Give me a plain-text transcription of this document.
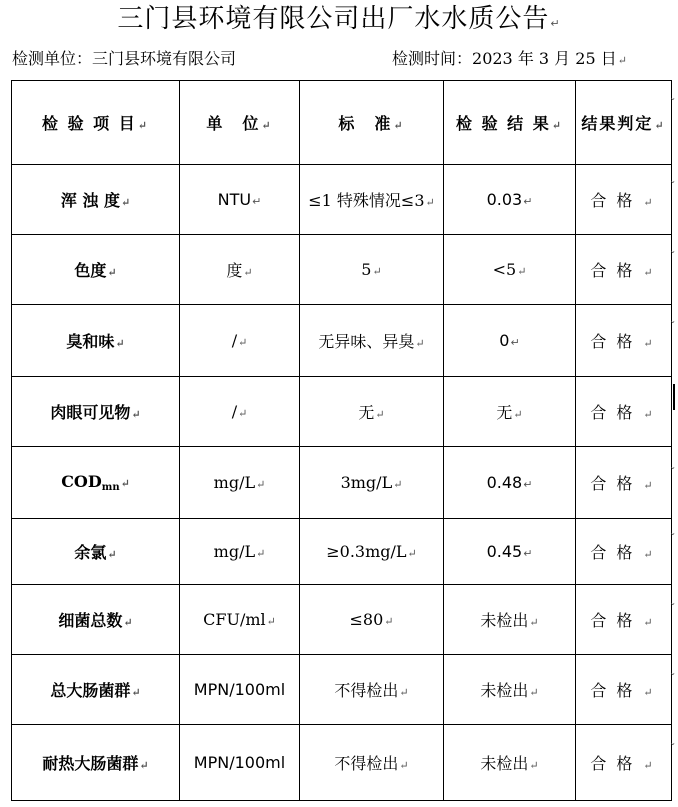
三门县环境有限公司出厂水水质公告↵
检测单位：三门县环境有限公司	检测时间：2023 年 3 月 25 日↵
检 验 项 目↵	单　位↵	标　准↵	检 验 结 果↵	结果判定↵
浑 浊 度↵	NTU↵	≤1 特殊情况≤3↵	0.03↵	合格↵
色度↵	度↵	5↵	<5↵	合格↵
臭和味↵	/↵	无异味、异臭↵	0↵	合格↵
肉眼可见物↵	/↵	无↵	无↵	合格↵
$COD_{mn}↵$	mg/L↵	3mg/L↵	0.48↵	合格↵
余氯↵	mg/L↵	≥0.3mg/L↵	0.45↵	合格↵
细菌总数↵	CFU/ml↵	≤80↵	未检出↵	合格↵
总大肠菌群↵	MPN/100ml	不得检出↵	未检出↵	合格↵
耐热大肠菌群↵	MPN/100ml	不得检出↵	未检出↵	合格↵
ˇ
ˇ
ˇ
ˇ
ˇ
ˇ
ˇ
ˇ
ˇ
